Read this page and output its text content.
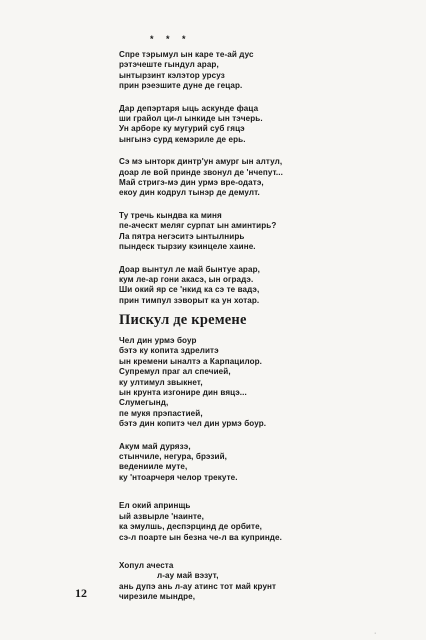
* * *
Спре тэрымул ын каре те-ай дус
рэтэчеште гындул арар,
ынтырзинт кэлэтор урсуз
прин рэеэшите дуне де гецар.
Дар депэртаря ыць аскунде фаца
ши грайол ци-л ынкиде ын тэчерь.
Ун арборе ку мугурий суб гяцэ
ынгынэ сурд кемэриле де ерь.
Сэ мэ ынторк динтр'ун амург ын алтул,
доар ле вой принде звонул де 'нчепут...
Май стригэ-мэ дин урмэ вре-одатэ,
екоу дин кодрул тынэр де демулт.
Ту тречь кындва ка миня
пе-аческт меляг сурпат ын аминтирь?
Ла пятра негэситэ ынтылнирь
пындеск тырзиу кэинцеле хаине.
Доар вынтул ле май бынтуе арар,
кум ле-ар гони акасэ, ын оградэ.
Ши окий яр се 'нкид ка сэ те вадэ,
прин тимпул зэворыт ка ун хотар.
Пискул де кремене
Чел дин урмэ боур
бэтэ ку копита здрелитэ
ын кремени ынaлтэ а Карпацилор.
Супремул праг ал спечией,
ку ултимул звыкнет,
ын крунта изгонире дин вяцэ...
Слумегынд,
пе мукя прэпастией,
бэтэ дин копитэ чел дин урмэ боур.
Акум май дурязэ,
стынчиле, негура, брэзий,
веденииле муте,
ку 'нтоарчеря челор трекуте.
Ел окий апринщь
ый азвырле 'наинте,
ка эмулшь, деспэрцинд де орбите,
сэ-л поарте ын безна че-л ва куприндe.
Хопул ачеста
л-ау май вэзут,
ань дупэ ань л-ау атинс тот май крунт
чирезиле мындре,
12
·
